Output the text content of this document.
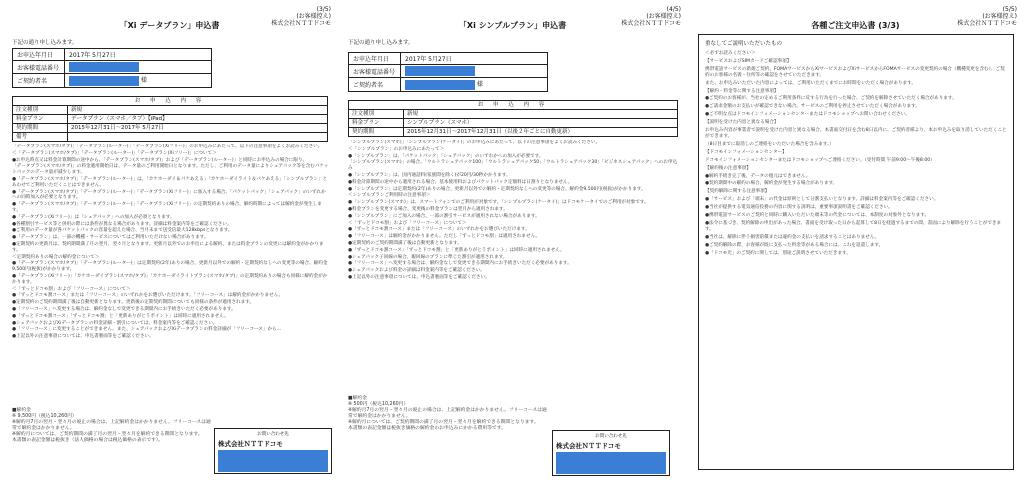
(3/5)
(お客様控え)
株式会社ＮＴＴドコモ
「Xi データプラン」申込書
下記の通り申し込みます。
お申込年月日	2017年 5月27日
お客様電話番号	
ご契約者名	様
お 申 込 内 容	
注文種別	新規
料金プラン	データプラン（スマホ／タブ）【iPad】
契約期間	2015年12月31日～2017年 5月27日
備考	

「データプラン(スマホ/タブ)」「データプラン(ルーター)」「データプラン(Xiフリー)」のお申込みにあたって、以下の注意事項をよくお読みください。

＜「データプラン(スマホ/タブ)」「データプラン(ルーター)」「データプラン(Xiフリー)」について＞

●お申込時点又は料金計算期間の途中から、「データプラン(スマホ/タブ)」および「データプラン(ルーター)」と同時にお申込みの場合に限り、

「データプラン(スマホ/タブ)」の料金適用開始日は、データ量のご利用開始日となります。ただし、ご利用のデータ量によりシェアパック等を含むパケットパックのデータ量が減少します。

●「データプラン(スマホ/タブ)」「データプラン(ルーター)」は、「カケホーダイ＆パケあえる」「カケホーダイライト＆パケあえる」「シンプルプラン」とあわせてご利用いただくことはできません。

●「データプラン(スマホ/タブ)」「データプラン(ルーター)」「データプラン(Xiフリー)」に加入する場合、「パケットパック」「シェアパック」のいずれかへの同時加入が必要となります。

●「データプラン(スマホ/タブ)」「データプラン(ルーター)」「データプラン(Xiフリー)」の定期契約ありの場合、解約時期によっては解約金が発生します。

●「データプラン(Xiフリー)」は「シェアパック」への加入が必須となります。

●各種割引サービス等と併用の際には条件が異なる場合があります。詳細は料金案内等をご確認ください。

●ご利用のデータ量が各パケットパックの容量を超えた場合、当月末まで送受信最大128kbpsとなります。

●「データプラン」は、一部の機種・サービスについてはご利用いただけない場合があります。

●定期契約の更新月は、契約期間満了月の翌月、翌々月となります。更新月以外でのお申出による解約、または料金プランの変更には解約金がかかります。

＜定期契約ありの場合の解約金について＞

●「データプラン(スマホ/タブ)」「データプラン(ルーター)」は定期契約(2年)ありの場合、更新月以外での解約・定期契約なしへの変更等の場合、解約金9,500円(税抜)がかかります。

●「データプラン(Xiフリー)」「カケホーダイプラン(スマホ/タブ)」「カケホーダイライトプラン(スマホ/タブ)」の定期契約ありの場合も同様に解約金がかかります。

＜「ずっとドコモ割」および「フリーコース」について＞

●「ずっとドコモ割コース」または「フリーコース」のいずれかをお選びいただけます。「フリーコース」は解約金がかかりません。

●定期契約のご契約期間満了後は自動更新となります。更新後の定期契約期間についても同様の条件が適用されます。

●「フリーコース」へ変更する場合は、解約金なしで変更できる期間内にお手続きいただく必要があります。

●「ずっとドコモ割コース」「ずっとドコモ割」と「更新ありがとうポイント」は同時に適用されません。

●シェアパックおよびXiデータプランの料金詳細・割引については、料金案内等をご確認ください。

●「フリーコース」に変更することができません。また、シェアパックおよびXiデータプランの料金詳細が「フリーコース」から…

●上記以外の注意事項については、申込書裏面等をご確認ください。

■解約金

※ 9,500円（税込10,260円）

※解約月7月の翌月・翌々月の廃止の場合は、上記解約金はかかりません。フリーコースは通常で解約金はかかりません。

※解約月については、ご契約期間の満了月の翌月・翌々月を解約できる期間となります。

本書類の表記金額は税抜き（法人価格の場合は税込価格の表示です）。

お問い合わせ先
株式会社ＮＴＴドコモ
(4/5)
(お客様控え)
株式会社ＮＴＴドコモ
「Xi シンプルプラン」申込書
下記の通り申し込みます。
お申込年月日	2017年 5月27日
お客様電話番号	
ご契約者名	様
お 申 込 内 容	
注文種別	新規
料金プラン	シンプルプラン（スマホ）
契約期間	2015年12月31日～2017年12月31日（以後２年ごとに自動更新）

「シンプルプラン(スマホ)」「シンプルプラン(ケータイ)」のお申込みにあたって、以下の注意事項をよくお読みください。

＜「シンプルプラン」のお申込みにあたって＞

●「シンプルプラン」は、「パケットパック」「シェアパック」のいずれかへの加入が必要です。

「シンプルプラン(スマホ)」の場合、「ウルトラシェアパック100」「ウルトラシェアパック50」「ウルトラシェアパック30」「ビジネスシェアパック」へのお申込み

●「シンプルプラン」は、国内通話料(家族間を除く)が20円/30秒かかります。

●料金計算期間の途中から適用される場合、基本使用料およびパケットパック定額料は日割りとなりません。

●「シンプルプラン」は定期契約(2年)ありの場合、更新月以外での解約・定期契約なしへの変更等の場合、解約金9,500円(税抜)がかかります。

＜シンプルプランご利用時の注意事項＞

●「シンプルプラン(スマホ)」は、スマートフォンでのご利用が対象です。「シンプルプラン(ケータイ)」はドコモケータイでのご利用が対象です。

●料金プランを変更する場合、変更後の料金プランは翌月から適用されます。

●「シンプルプラン」にご加入の場合、一部の割引サービスが適用されない場合があります。

＜「ずっとドコモ割」および「フリーコース」について＞

●「ずっとドコモ割コース」または「フリーコース」のいずれかをお選びいただけます。

●「フリーコース」は解約金がかかりません。ただし「ずっとドコモ割」は適用されません。

●定期契約のご契約期間満了後は自動更新となります。

●「ずっとドコモ割コース」「ずっとドコモ割」と「更新ありがとうポイント」は同時に適用されません。

●シェアパック子回線の場合、親回線のプランに準じた割引が適用されます。

●「フリーコース」へ変更する場合は、解約金なしで変更できる期間内にお手続きいただく必要があります。

●シェアパックおよび料金の詳細は料金案内等をご確認ください。

●上記以外の注意事項については、申込書裏面等をご確認ください。

■解約金

※ 500円（税込10,260円）

※解約月7月の翌月・翌々月の廃止の場合は、上記解約金はかかりません。フリーコースは通常で解約金はかかりません。

※解約月については、ご契約期間の満了月の翌月・翌々月を解約できる期間となります。

本書類の表記金額は税抜き価格の解約金のお申込みにかかる費用等です。

お問い合わせ先
株式会社ＮＴＴドコモ
(5/5)
(お客様控え)
株式会社ＮＴＴドコモ
各種ご注文申込書 (3/3)
重なしてご説明いただいたもの

＜必ずお読みください＞

【サービスおよびSIMカードご確認事項】

携帯電話サービスの新規ご契約、FOMAサービスからXiサービスおよびXiサービスからFOMAサービスの変更契約の場合（機種変更を含む）、ご契約のお客様の名義・住所等の確認をさせていただきます。

また、お申込みいただいた内容によっては、ご利用いただくまでにお時間をいただく場合があります。

【解約・料金等に関する注意事項】

●ご契約のお客様が、当社の定めるご利用条件に反する行為を行った場合、ご契約を解除させていただく場合があります。

●ご請求金額のお支払いが確認できない場合、サービスのご利用を停止させていただく場合があります。

●ご不明な点はドコモインフォメーションセンターまたはドコモショップへお問い合わせください。

【説明を受けた内容と異なる場合】

お申込み内容が事業者で説明を受けた内容と異なる場合、本書面交付日を含む8日以内に、ご契約者様より、本お申込みを取り消していただくことができます。

（8日目までに取消しのご連絡をいただいた場合を含みます。）

【ドコモインフォメーションセンター】

ドコモインフォメーションセンターまたはドコモショップへご連絡ください。（受付時間 午前9:00～午後8:00）

【解約後の注意事項】

●解約手続き完了後、データの復元はできません。

●契約期間中の解約の場合、解約金が発生する場合があります。

【契約解除に関する注意事項】

●「サービス」および「端末」の代金は原則として分割支払いとなります。詳細は料金案内等をご確認ください。

●当社が提供する電気通信役務の内容に関する説明は、重要事項説明書をご確認ください。

●携帯電話サービスのご契約と同時に購入いただいた端末等の代金については、本制度の対象外となります。

●法令に基づき、契約解除の申出があった場合、書面を受け取った日から起算して8日を経過するまでの間、書面により解除を行うことができます。

●当社は、解除に伴う損害賠償または違約金の支払いを請求することはありません。

●ご契約解除の際、お客様が既に支払った料金等がある場合には、これを返還します。

●「ドコモ光」のご契約に関しては、別途ご説明させていただきます。
